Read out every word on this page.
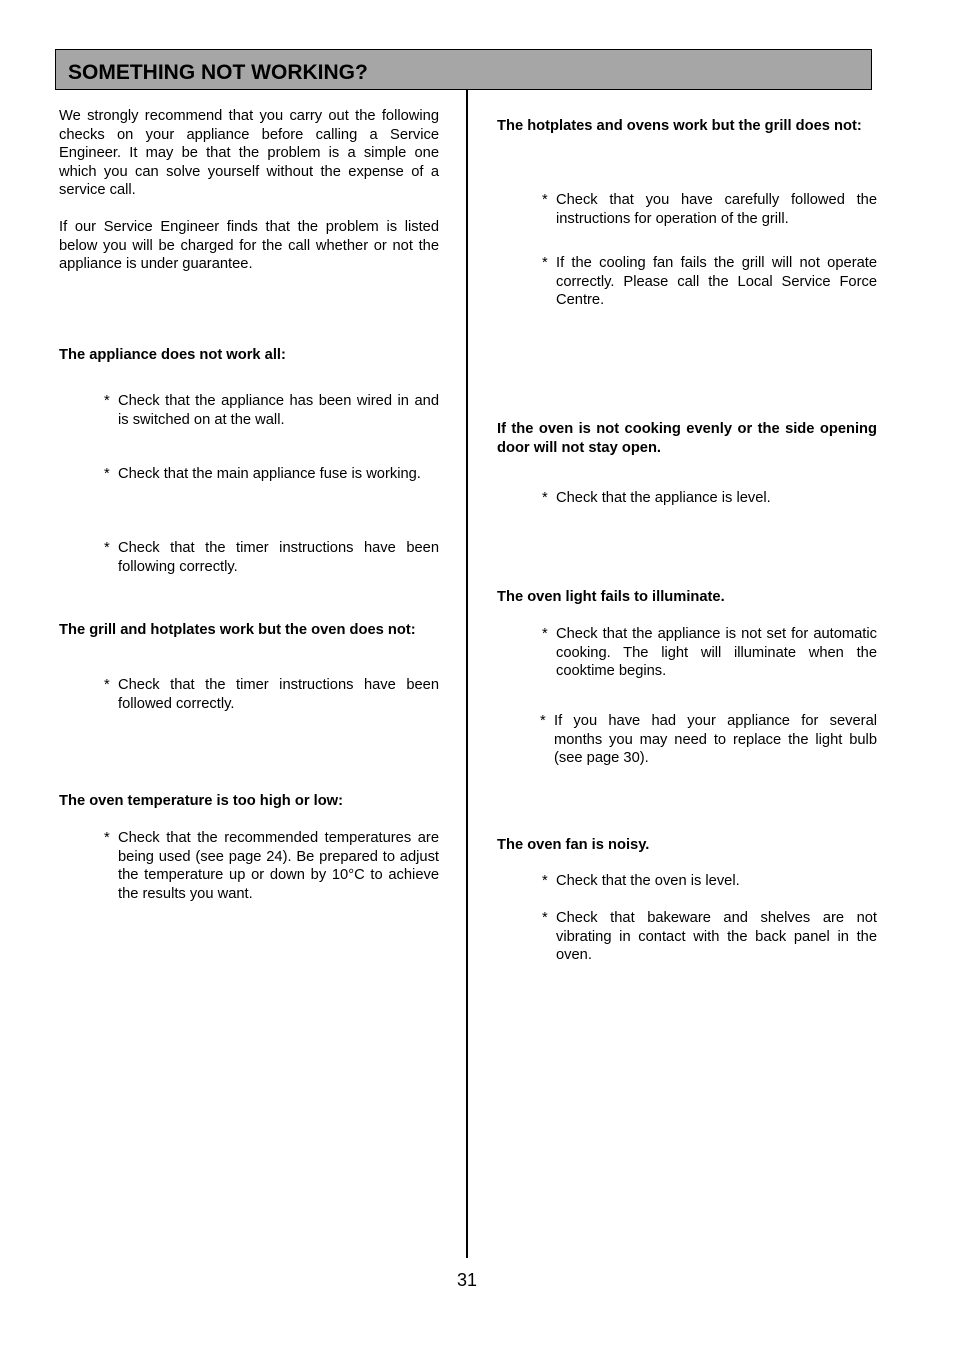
SOMETHING NOT WORKING?

We strongly recommend that you carry out the following checks on your appliance before calling a Service Engineer. It may be that the problem is a simple one which you can solve yourself without the expense of a service call.

If our Service Engineer finds that the problem is listed below you will be charged for the call whether or not the appliance is under guarantee.

The appliance does not work all:

* Check that the appliance has been wired in and is switched on at the wall.
* Check that the main appliance fuse is working.
* Check that the timer instructions have been following correctly.

The grill and hotplates work but the oven does not:

* Check that the timer instructions have been followed correctly.

The oven temperature is too high or low:

* Check that the recommended temperatures are being used (see page 24). Be prepared to adjust the temperature up or down by 10°C to achieve the results you want.

The hotplates and ovens work but the grill does not:

* Check that you have carefully followed the instructions for operation of the grill.
* If the cooling fan fails the grill will not operate correctly. Please call the Local Service Force Centre.

If the oven is not cooking evenly or the side opening door will not stay open.

* Check that the appliance is level.

The oven light fails to illuminate.

* Check that the appliance is not set for automatic cooking. The light will illuminate when the cooktime begins.
* If you have had your appliance for several months you may need to replace the light bulb (see page 30).

The oven fan is noisy.

* Check that the oven is level.
* Check that bakeware and shelves are not vibrating in contact with the back panel in the oven.
31
